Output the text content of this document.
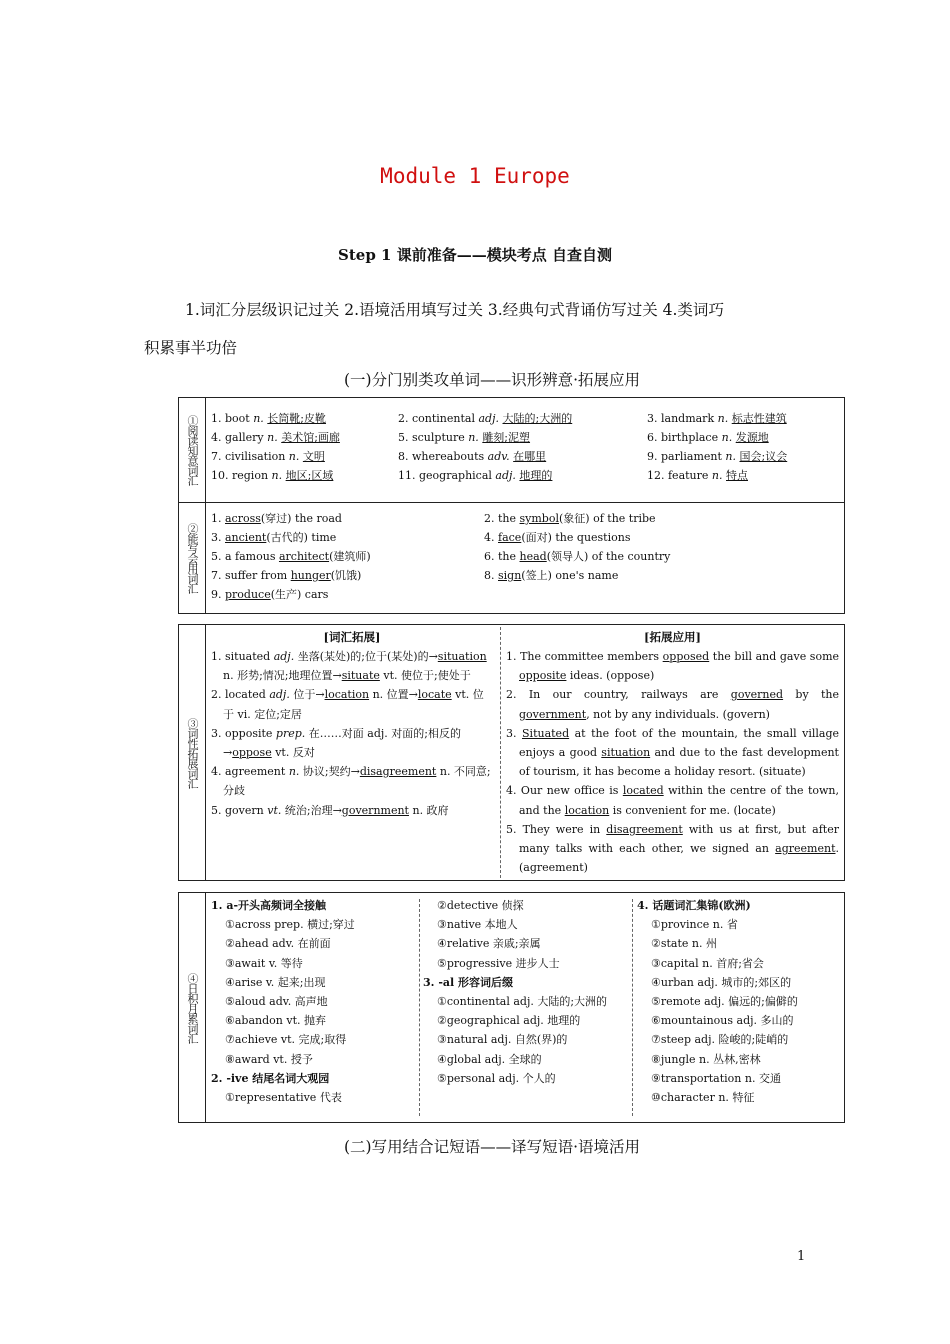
Module 1 Europe
Step 1 课前准备——模块考点 自查自测
1.词汇分层级识记过关 2.语境活用填写过关 3.经典句式背诵仿写过关 4.类词巧
积累事半功倍
(一)分门别类攻单词——识形辨意·拓展应用
①阅读知意词汇 1. boot n. 长筒靴;皮靴	2. continental adj. 大陆的;大洲的	3. landmark n. 标志性建筑
4. gallery n. 美术馆;画廊	5. sculpture n. 雕刻;泥塑	6. birthplace n. 发源地
7. civilisation n. 文明	8. whereabouts adv. 在哪里	9. parliament n. 国会;议会
10. region n. 地区;区域	11. geographical adj. 地理的	12. feature n. 特点
②能写会用词汇
1. across(穿过) the road	2. the symbol(象征) of the tribe
3. ancient(古代的) time	4. face(面对) the questions
5. a famous architect(建筑师)	6. the head(领导人) of the country
7. suffer from hunger(饥饿)	8. sign(签上) one's name
9. produce(生产) cars
③词性拓展词汇
[词汇拓展]
1. situated adj. 坐落(某处)的;位于(某处)的→situation n. 形势;情况;地理位置→situate vt. 使位于;使处于
2. located adj. 位于→location n. 位置→locate vt. 位于 vi. 定位;定居
3. opposite prep. 在……对面 adj. 对面的;相反的→oppose vt. 反对
4. agreement n. 协议;契约→disagreement n. 不同意;分歧
5. govern vt. 统治;治理→government n. 政府
[拓展应用]
1. The committee members opposed the bill and gave some opposite ideas. (oppose)
2. In our country, railways are governed by the government, not by any individuals. (govern)
3. Situated at the foot of the mountain, the small village enjoys a good situation and due to the fast development of tourism, it has become a holiday resort. (situate)
4. Our new office is located within the centre of the town, and the location is convenient for me. (locate)
5. They were in disagreement with us at first, but after many talks with each other, we signed an agreement. (agreement)
④日积月累词汇
1. a-开头高频词全接触
①across prep. 横过;穿过
②ahead adv. 在前面
③await v. 等待
④arise v. 起来;出现
⑤aloud adv. 高声地
⑥abandon vt. 抛弃
⑦achieve vt. 完成;取得
⑧award vt. 授予
2. -ive 结尾名词大观园
①representative 代表
②detective 侦探
③native 本地人
④relative 亲戚;亲属
⑤progressive 进步人士
3. -al 形容词后缀
①continental adj. 大陆的;大洲的
②geographical adj. 地理的
③natural adj. 自然(界)的
④global adj. 全球的
⑤personal adj. 个人的
4. 话题词汇集锦(欧洲)
①province n. 省
②state n. 州
③capital n. 首府;省会
④urban adj. 城市的;郊区的
⑤remote adj. 偏远的;偏僻的
⑥mountainous adj. 多山的
⑦steep adj. 险峻的;陡峭的
⑧jungle n. 丛林,密林
⑨transportation n. 交通
⑩character n. 特征
(二)写用结合记短语——译写短语·语境活用
1
